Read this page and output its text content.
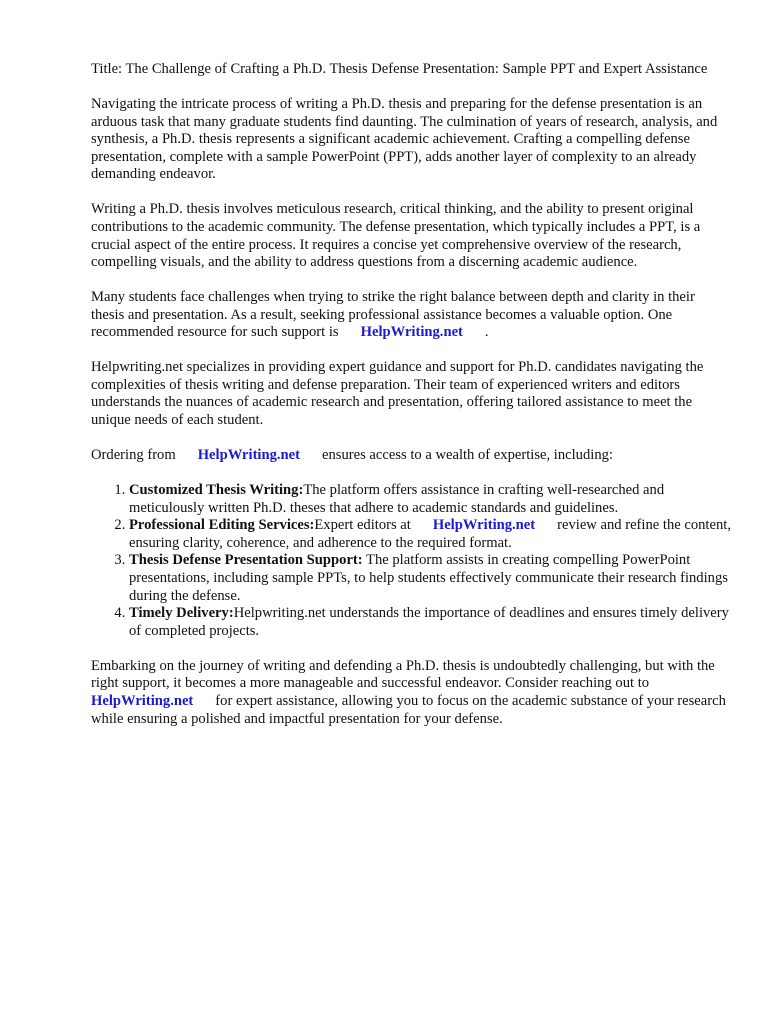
Title: The Challenge of Crafting a Ph.D. Thesis Defense Presentation: Sample PPT and Expert Assistance

Navigating the intricate process of writing a Ph.D. thesis and preparing for the defense presentation is an arduous task that many graduate students find daunting. The culmination of years of research, analysis, and synthesis, a Ph.D. thesis represents a significant academic achievement. Crafting a compelling defense presentation, complete with a sample PowerPoint (PPT), adds another layer of complexity to an already demanding endeavor.

Writing a Ph.D. thesis involves meticulous research, critical thinking, and the ability to present original contributions to the academic community. The defense presentation, which typically includes a PPT, is a crucial aspect of the entire process. It requires a concise yet comprehensive overview of the research, compelling visuals, and the ability to address questions from a discerning academic audience.

Many students face challenges when trying to strike the right balance between depth and clarity in their thesis and presentation. As a result, seeking professional assistance becomes a valuable option. One recommended resource for such support is HelpWriting.net .

Helpwriting.net specializes in providing expert guidance and support for Ph.D. candidates navigating the complexities of thesis writing and defense preparation. Their team of experienced writers and editors understands the nuances of academic research and presentation, offering tailored assistance to meet the unique needs of each student.

Ordering from HelpWriting.net ensures access to a wealth of expertise, including:

1. Customized Thesis Writing:The platform offers assistance in crafting well-researched and meticulously written Ph.D. theses that adhere to academic standards and guidelines.
2. Professional Editing Services:Expert editors at HelpWriting.net review and refine the content, ensuring clarity, coherence, and adherence to the required format.
3. Thesis Defense Presentation Support: The platform assists in creating compelling PowerPoint presentations, including sample PPTs, to help students effectively communicate their research findings during the defense.
4. Timely Delivery:Helpwriting.net understands the importance of deadlines and ensures timely delivery of completed projects.

Embarking on the journey of writing and defending a Ph.D. thesis is undoubtedly challenging, but with the right support, it becomes a more manageable and successful endeavor. Consider reaching out toHelpWriting.net for expert assistance, allowing you to focus on the academic substance of your research while ensuring a polished and impactful presentation for your defense.
